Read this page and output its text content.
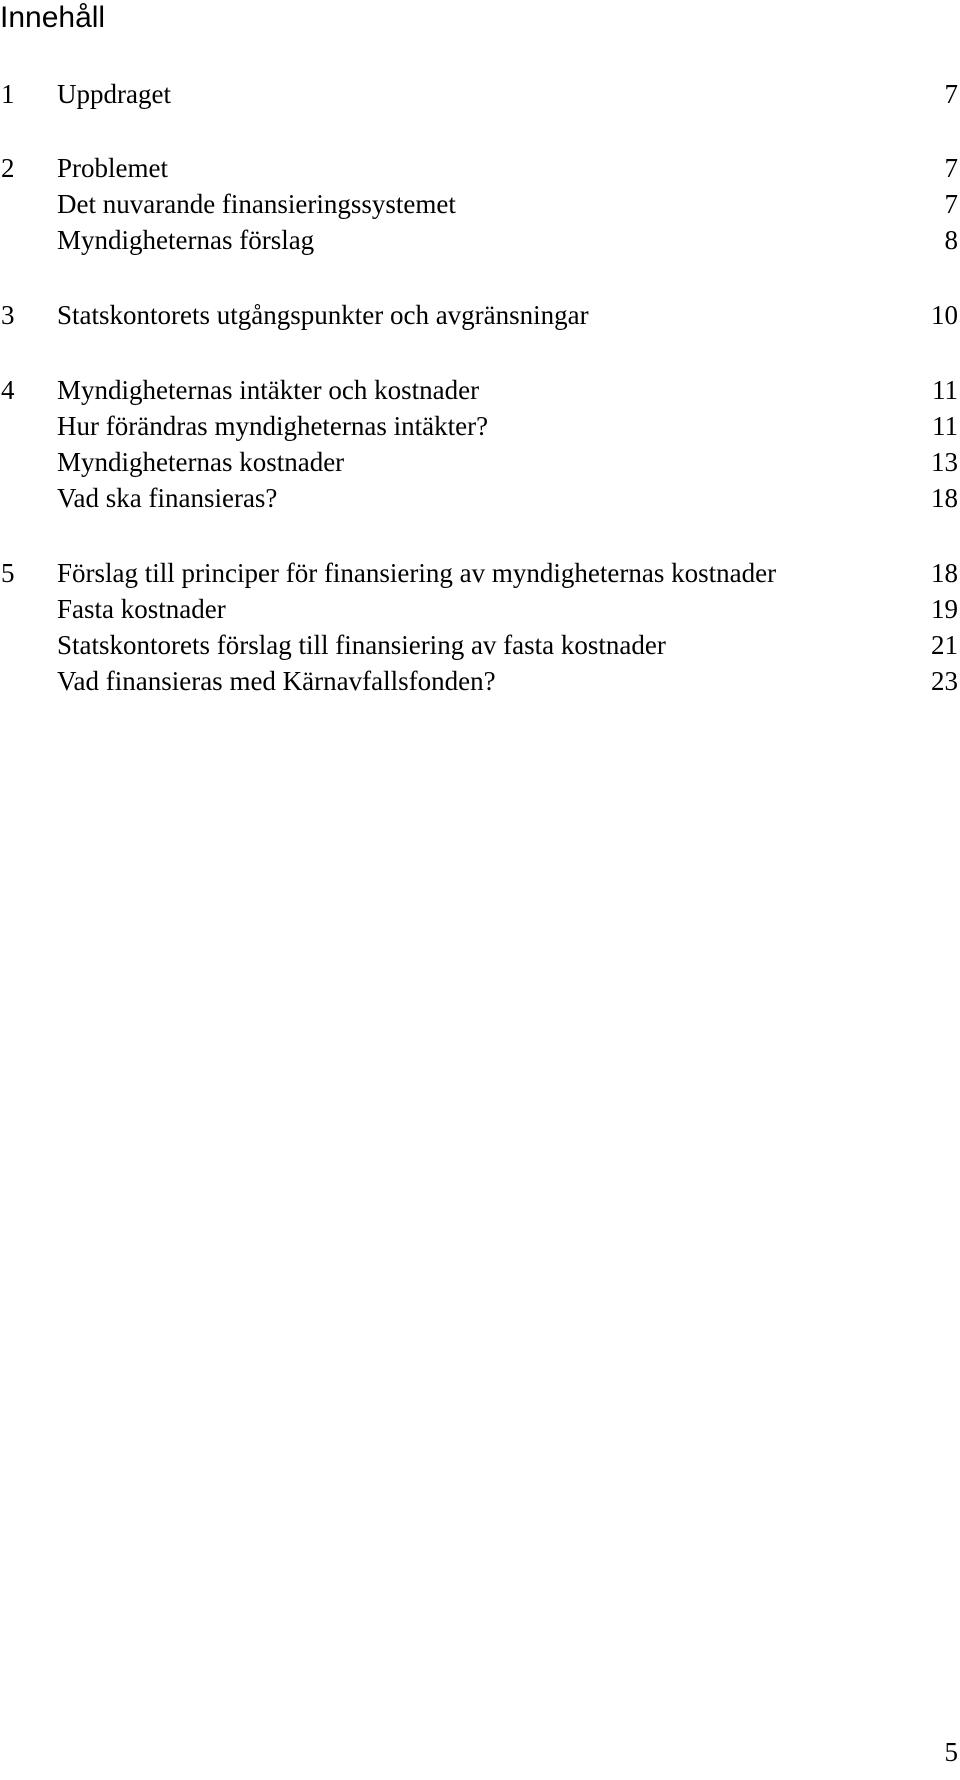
Innehåll
1 Uppdraget	7
2 Problemet	7
Det nuvarande finansieringssystemet	7
Myndigheternas förslag	8
3 Statskontorets utgångspunkter och avgränsningar	10
4 Myndigheternas intäkter och kostnader	11
Hur förändras myndigheternas intäkter?	11
Myndigheternas kostnader	13
Vad ska finansieras?	18
5 Förslag till principer för finansiering av myndigheternas kostnader	18
Fasta kostnader	19
Statskontorets förslag till finansiering av fasta kostnader	21
Vad finansieras med Kärnavfallsfonden?	23
5
